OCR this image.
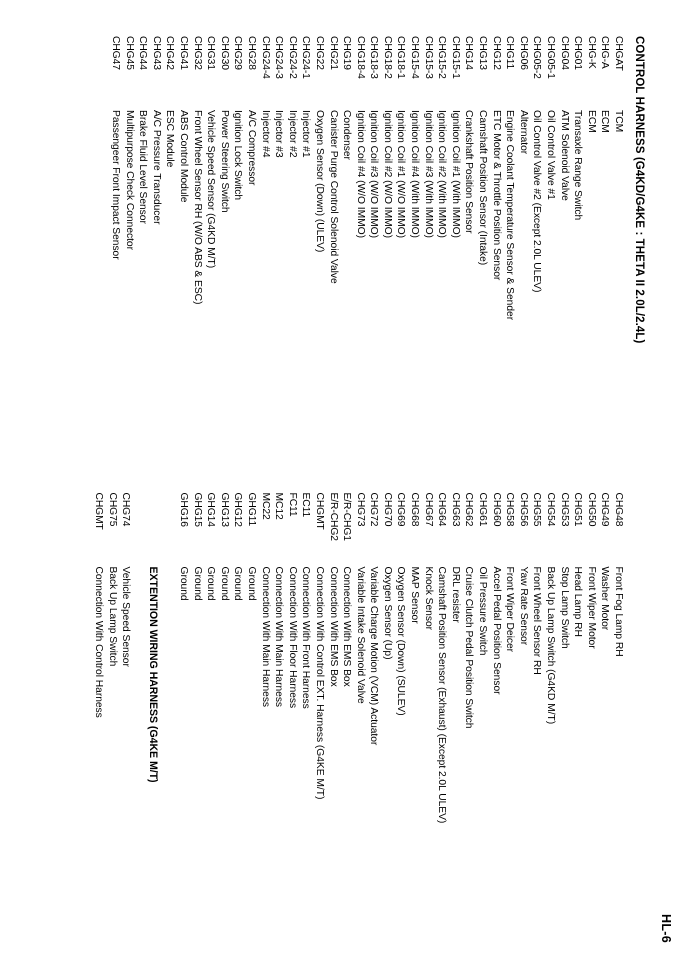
HL-6
CONTROL HARNESS (G4KD/G4KE : THETA II 2.0L/2.4L)
CHGAT
TCM
CHG-A
ECM
CHG-K
ECM
CHG01
Transaxle Range Switch
CHG04
ATM Solenoid Valve
CHG05-1
Oil Control Valve #1
CHG05-2
Oil Control Valve #2 (Except 2.0L ULEV)
CHG06
Alternator
CHG11
Engine Coolant Temperature Sensor & Sender
CHG12
ETC Motor & Throttle Position Sensor
CHG13
Camshaft Position Sensor (Intake)
CHG14
Crankshaft Position Sensor
CHG15-1
Ignition Coil #1 (With IMMO)
CHG15-2
Ignition Coil #2 (With IMMO)
CHG15-3
Ignition Coil #3 (With IMMO)
CHG15-4
Ignition Coil #4 (With IMMO)
CHG18-1
Ignition Coil #1 (W/O IMMO)
CHG18-2
Ignition Coil #2 (W/O IMMO)
CHG18-3
Ignition Coil #3 (W/O IMMO)
CHG18-4
Ignition Coil #4 (W/O IMMO)
CHG19
Condenser
CHG21
Canister Purge Control Solenoid Valve
CHG22
Oxygen Sensor (Down) (ULEV)
CHG24-1
Injector #1
CHG24-2
Injector #2
CHG24-3
Injector #3
CHG24-4
Injector #4
CHG28
A/C Compressor
CHG29
Ignition Lock Switch
CHG30
Power Steering Switch
CHG31
Vehicle Speed Sensor (G4KD M/T)
CHG32
Front Wheel Sensor RH (W/O ABS & ESC)
CHG41
ABS Control Module
CHG42
ESC Module
CHG43
A/C Pressure Transducer
CHG44
Brake Fluid Level Sensor
CHG45
Multipurpose Check Connector
CHG47
Passengeer Front Impact Sensor
CHG48
Front Fog Lamp RH
CHG49
Washer Motor
CHG50
Front Wiper Motor
CHG51
Head Lamp RH
CHG53
Stop Lamp Switch
CHG54
Back Up Lamp Switch (G4KD M/T)
CHG55
Front Wheel Sensor RH
CHG56
Yaw Rate Sensor
CHG58
Front Wiper Deicer
CHG60
Accel Pedal Position Sensor
CHG61
Oil Pressure Switch
CHG62
Cruise Clutch Pedal Position Switch
CHG63
DRL resister
CHG64
Camshaft Position Sensor (Exhaust) (Except 2.0L ULEV)
CHG67
Knock Sensor
CHG68
MAP Sensor
CHG69
Oxygen Sensor (Down) (SULEV)
CHG70
Oxygen Sensor (Up)
CHG72
Variable Charge Motion (VCM) Actuator
CHG73
Variable Intake Solenoid Valve
E/R-CHG1
Connection With EMS Box
E/R-CHG2
Connection With EMS Box
CHGMT
Connection With Control EXT. Harness (G4KE M/T)
EC11
Connection With Front Harness
FC11
Connection With Floor Harness
MC12
Connection With Main Harness
MC22
Connection With Main Harness
GHG11
Ground
GHG12
Ground
GHG13
Ground
GHG14
Ground
GHG15
Ground
GHG16
Ground
EXTENTION WIRING HARNESS (G4KE M/T)
CHG74
Vehicle Speed Sensor
CHG75
Back Up Lamp Switch
CHGMT
Connection With Control Harness
